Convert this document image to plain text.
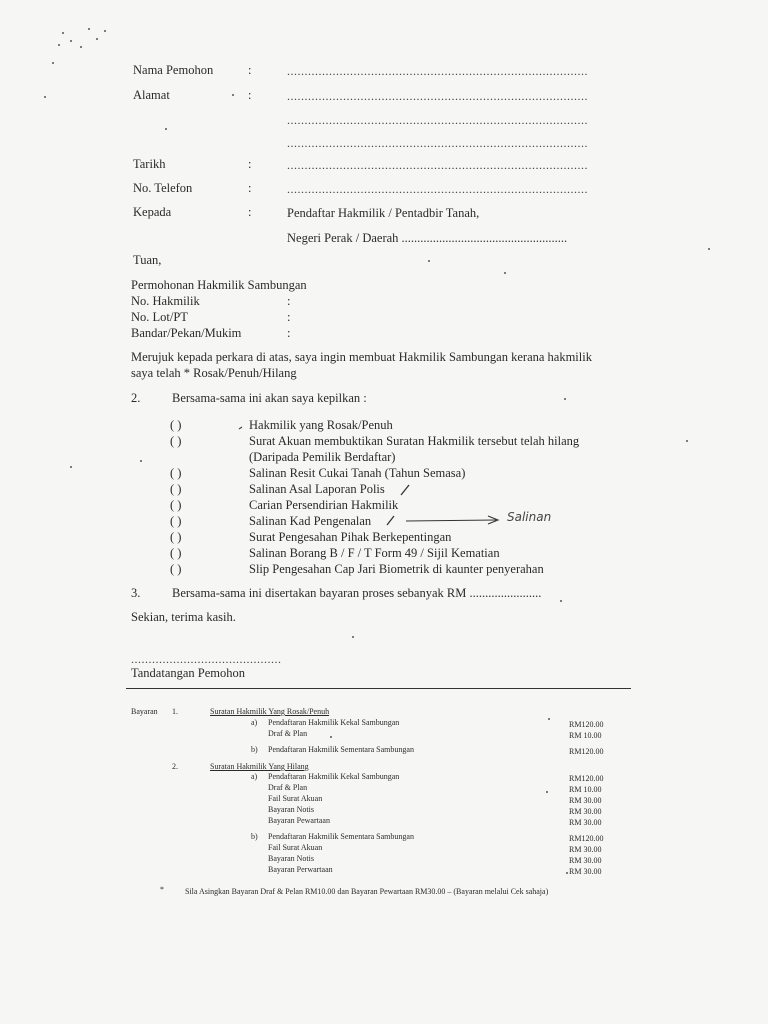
Nama Pemohon	:	......................................................................................
Alamat	:	......................................................................................
......................................................................................
......................................................................................
Tarikh	:	......................................................................................
No. Telefon	:	......................................................................................
Kepada	:	Pendaftar Hakmilik / Pentadbir Tanah,
Negeri Perak / Daerah .....................................................
Tuan,
Permohonan Hakmilik Sambungan
No. Hakmilik	:
No. Lot/PT	:
Bandar/Pekan/Mukim	:
Merujuk kepada perkara di atas, saya ingin membuat Hakmilik Sambungan kerana hakmilik
saya telah * Rosak/Penuh/Hilang
2.	Bersama-sama ini akan saya kepilkan :
( )	Hakmilik yang Rosak/Penuh
( )	Surat Akuan membuktikan Suratan Hakmilik tersebut telah hilang
(Daripada Pemilik Berdaftar)
( )	Salinan Resit Cukai Tanah (Tahun Semasa)
( )	Salinan Asal Laporan Polis
( )	Carian Persendirian Hakmilik
( )	Salinan Kad Pengenalan
( )	Surat Pengesahan Pihak Berkepentingan
( )	Salinan Borang B / F / T Form 49 / Sijil Kematian
( )	Slip Pengesahan Cap Jari Biometrik di kaunter penyerahan
Salinan
3.	Bersama-sama ini disertakan bayaran proses sebanyak RM .......................
Sekian, terima kasih.
...........................................
Tandatangan Pemohon
Bayaran 1.	Suratan Hakmilik Yang Rosak/Penuh
a) Pendaftaran Hakmilik Kekal Sambungan	RM120.00
Draf & Plan	RM 10.00
b) Pendaftaran Hakmilik Sementara Sambungan	RM120.00
2.	Suratan Hakmilik Yang Hilang
a) Pendaftaran Hakmilik Kekal Sambungan	RM120.00
Draf & Plan	RM 10.00
Fail Surat Akuan	RM 30.00
Bayaran Notis	RM 30.00
Bayaran Pewartaan	RM 30.00
b) Pendaftaran Hakmilik Sementara Sambungan	RM120.00
Fail Surat Akuan	RM 30.00
Bayaran Notis	RM 30.00
Bayaran Perwartaan	RM 30.00
*	Sila Asingkan Bayaran Draf & Pelan RM10.00 dan Bayaran Pewartaan RM30.00 – (Bayaran melalui Cek sahaja)
